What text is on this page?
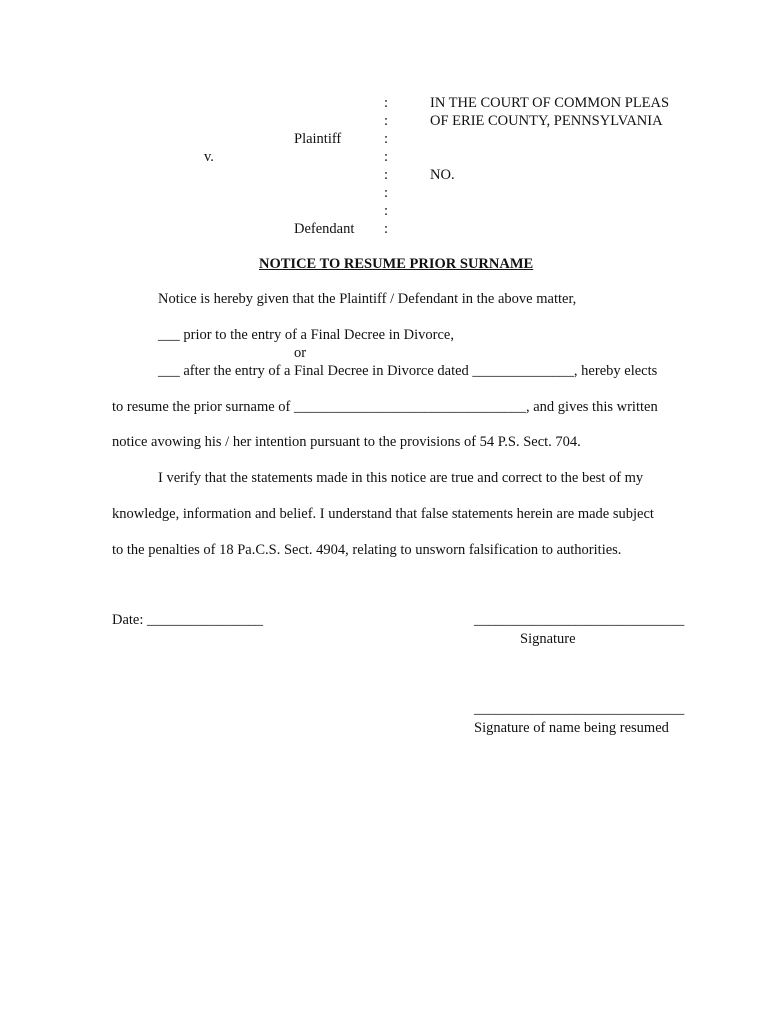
:
:
:
:
:
:
:
:
IN THE COURT OF COMMON PLEAS
OF ERIE COUNTY, PENNSYLVANIA
Plaintiff
v.
NO.
Defendant
NOTICE TO RESUME PRIOR SURNAME
Notice is hereby given that the Plaintiff / Defendant in the above matter,
___ prior to the entry of a Final Decree in Divorce,
or
___ after the entry of a Final Decree in Divorce dated ______________, hereby elects
to resume the prior surname of ________________________________, and gives this written
notice avowing his / her intention pursuant to the provisions of 54 P.S. Sect. 704.
I verify that the statements made in this notice are true and correct to the best of my
knowledge, information and belief. I understand that false statements herein are made subject
to the penalties of 18 Pa.C.S. Sect. 4904, relating to unsworn falsification to authorities.
Date: ________________	_____________________________
Signature
_____________________________
Signature of name being resumed
